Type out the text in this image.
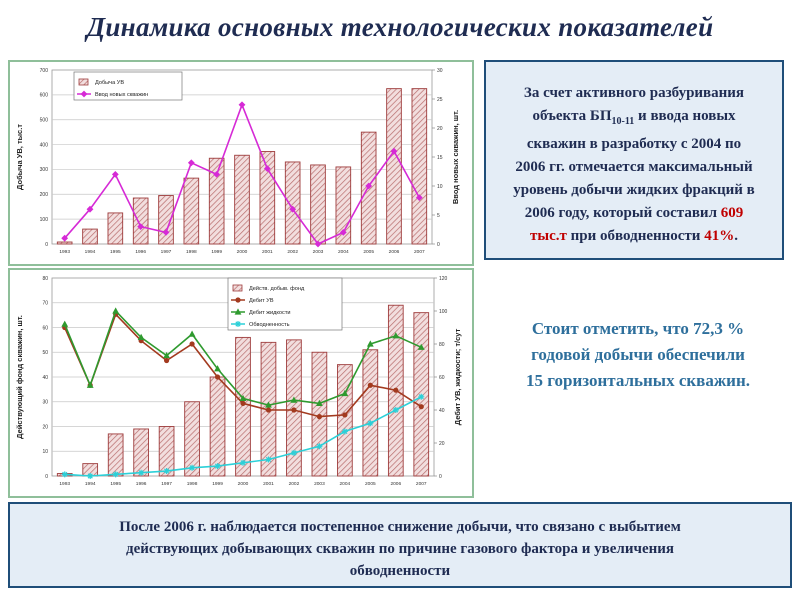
Динамика основных технологических показателей
0
100
200
300
400
500
600
700
0
5
10
15
20
25
30
1993	1994	1995	1996	1997	1998	1999	2000	2001	2002	2003	2004	2005	2006	2007
Добыча УВ, тыс.т	Ввод новых скважин, шт.
Добыча УВ
Ввод новых скважин
0
10
20
30
40
50
60
70
80
0
20
40
60
80
100
120
1993	1994	1995	1996	1997	1998	1999	2000	2001	2002	2003	2004	2005	2006	2007
Действующий фонд скважин, шт.	Дебит УВ, жидкости; т/сут
Действ. добыв. фонд
Дебит УВ
Дебит жидкости
Обводненность
За счет активного разбуривания
объекта $БП_{10-11}$ и ввода новых
скважин в разработку с 2004 по
2006 гг. отмечается максимальный
уровень добычи жидких фракций в
2006 году, который составил 609
тыс.т при обводненности 41%.
Стоит отметить, что 72,3 %
годовой добычи обеспечили
15 горизонтальных скважин.
После 2006 г. наблюдается постепенное снижение добычи, что связано с выбытием
действующих добывающих скважин по причине газового фактора и увеличения
обводненности
